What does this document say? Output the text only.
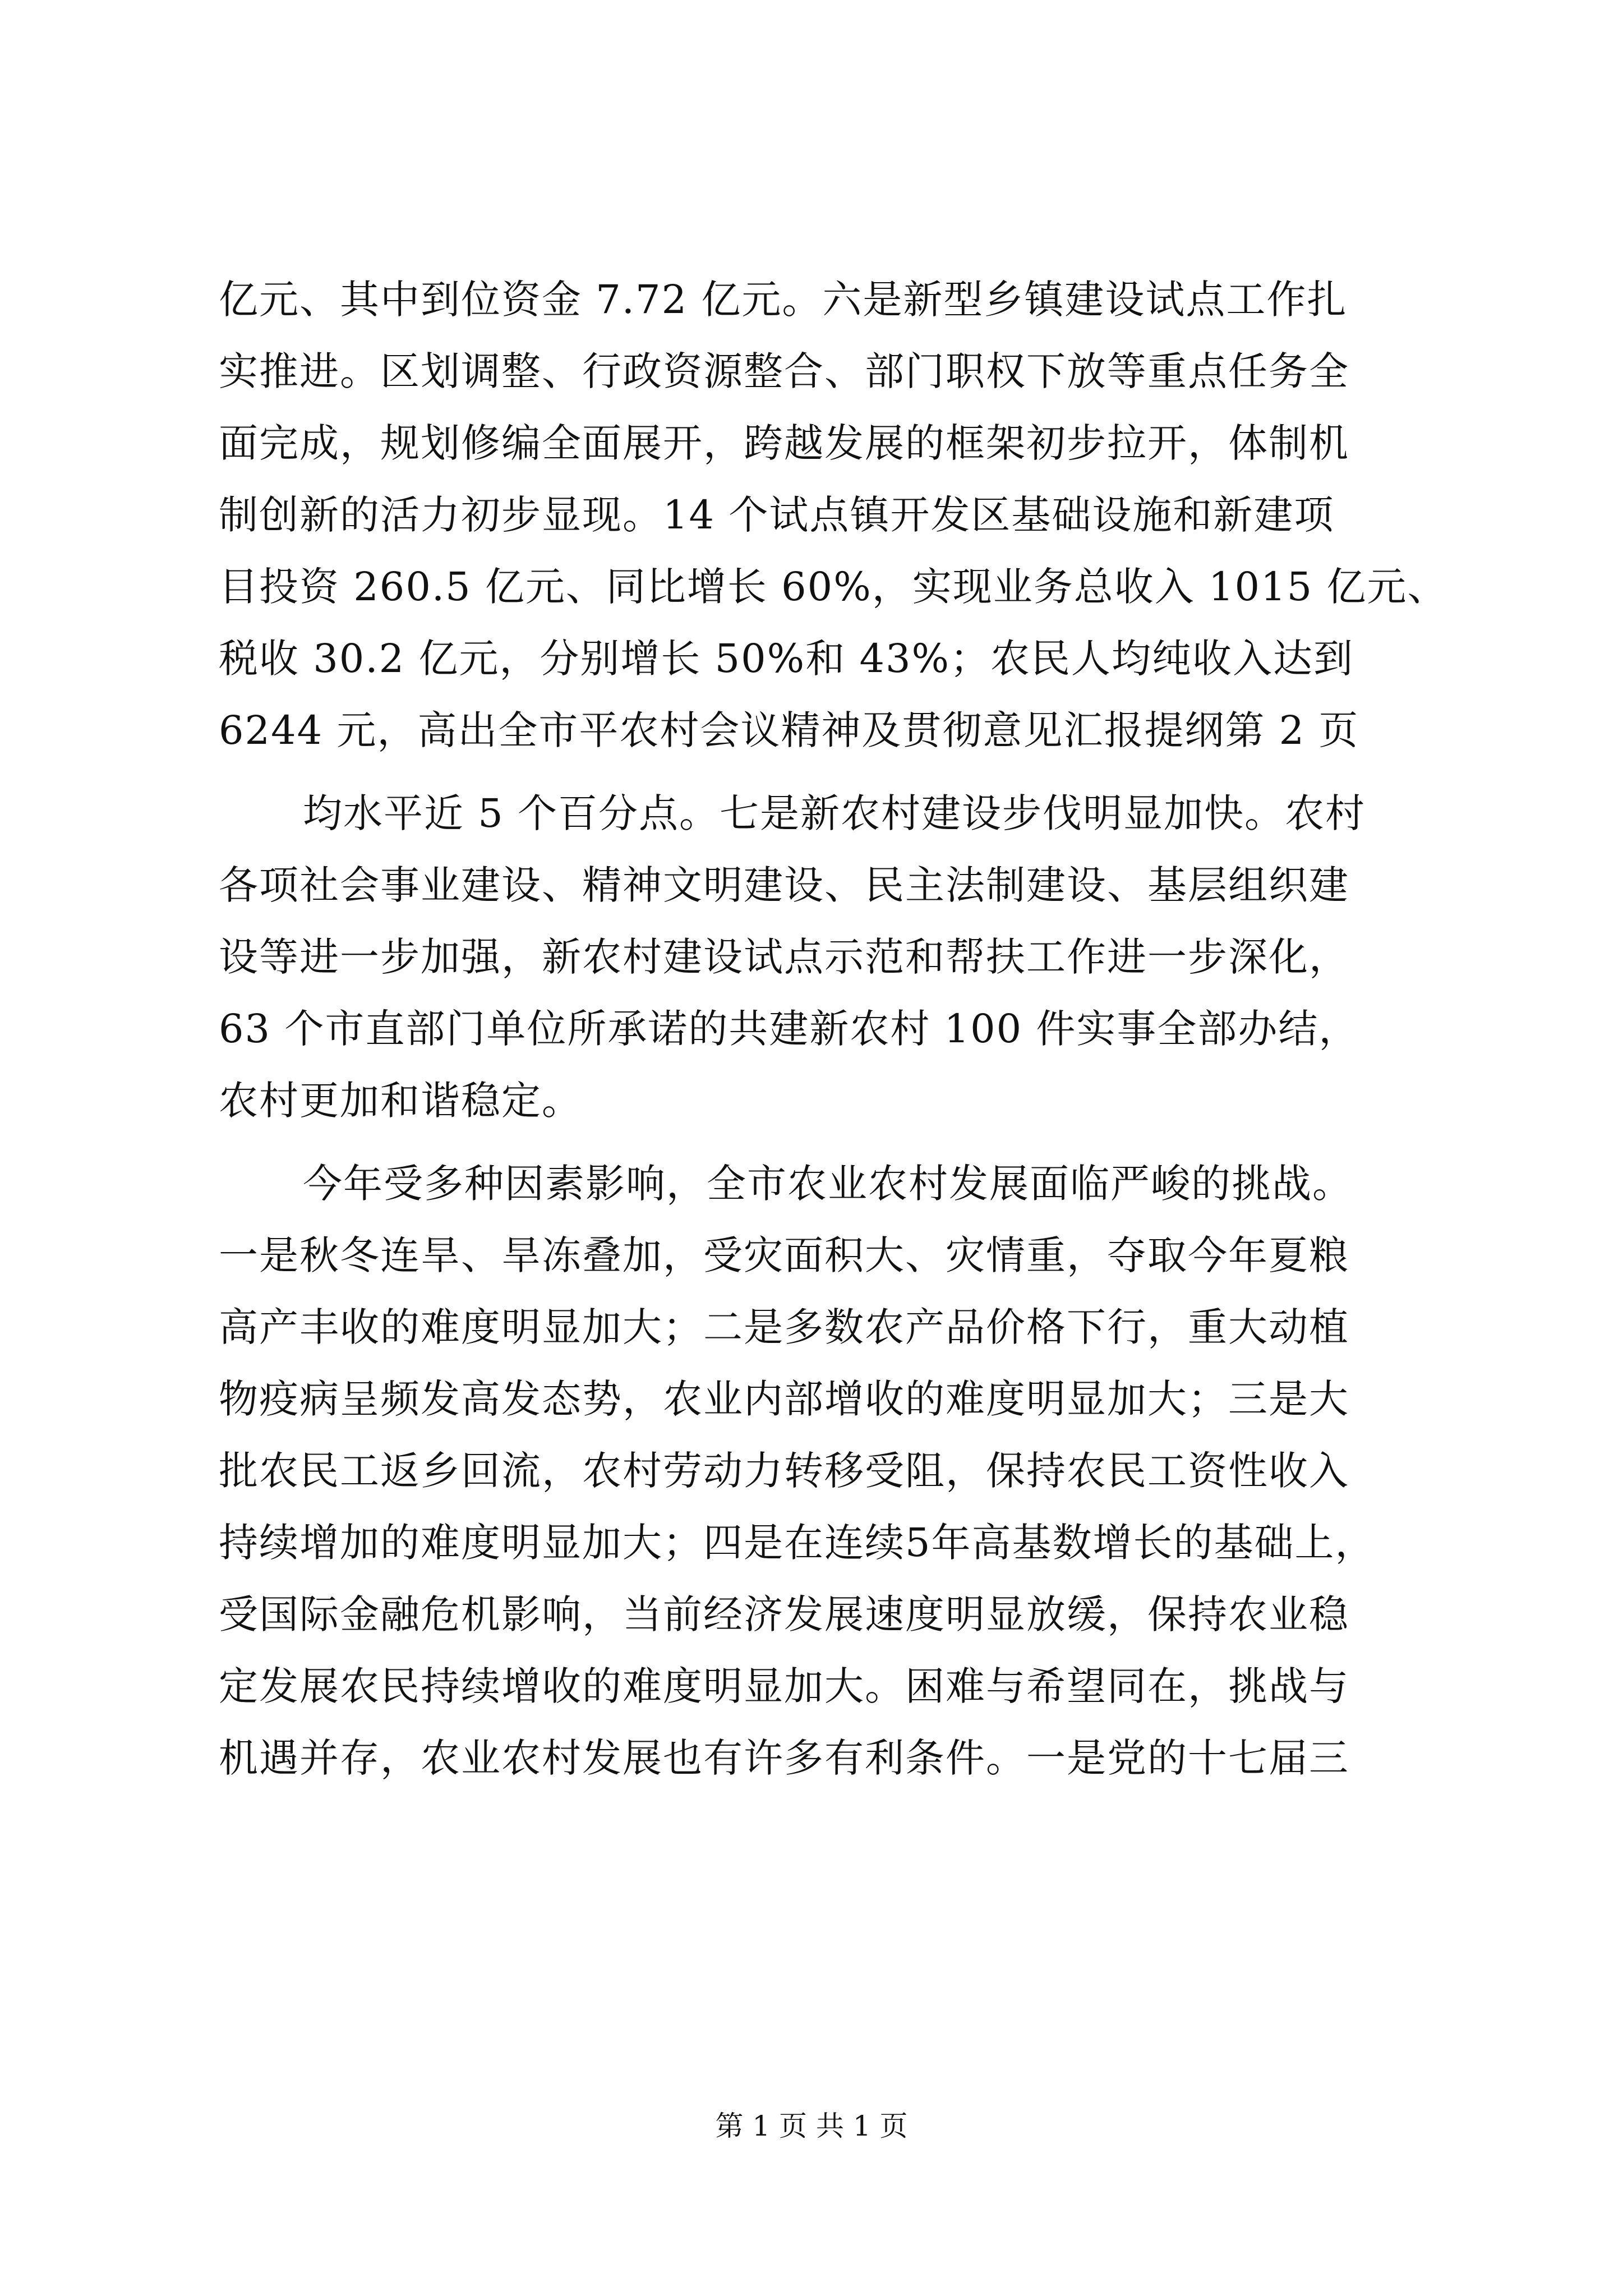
亿元、其中到位资金 7.72 亿元。六是新型乡镇建设试点工作扎
实推进。区划调整、行政资源整合、部门职权下放等重点任务全
面完成，规划修编全面展开，跨越发展的框架初步拉开，体制机
制创新的活力初步显现。14 个试点镇开发区基础设施和新建项
目投资 260.5 亿元、同比增长 60%，实现业务总收入 1015 亿元、
税收 30.2 亿元，分别增长 50%和 43%；农民人均纯收入达到
6244 元，高出全市平农村会议精神及贯彻意见汇报提纲第 2 页
均水平近 5 个百分点。七是新农村建设步伐明显加快。农村
各项社会事业建设、精神文明建设、民主法制建设、基层组织建
设等进一步加强，新农村建设试点示范和帮扶工作进一步深化，
63 个市直部门单位所承诺的共建新农村 100 件实事全部办结，
农村更加和谐稳定。
今年受多种因素影响，全市农业农村发展面临严峻的挑战。
一是秋冬连旱、旱冻叠加，受灾面积大、灾情重，夺取今年夏粮
高产丰收的难度明显加大；二是多数农产品价格下行，重大动植
物疫病呈频发高发态势，农业内部增收的难度明显加大；三是大
批农民工返乡回流，农村劳动力转移受阻，保持农民工资性收入
持续增加的难度明显加大；四是在连续5年高基数增长的基础上，
受国际金融危机影响，当前经济发展速度明显放缓，保持农业稳
定发展农民持续增收的难度明显加大。困难与希望同在，挑战与
机遇并存，农业农村发展也有许多有利条件。一是党的十七届三
第 1 页 共 1 页
